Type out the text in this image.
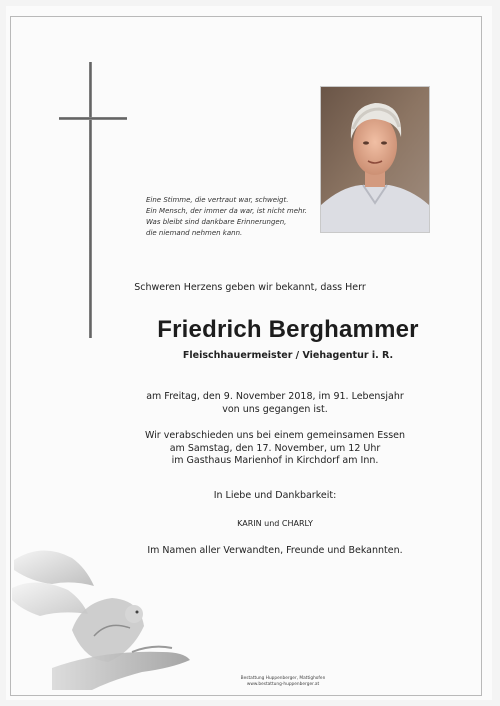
Eine Stimme, die vertraut war, schweigt.
Ein Mensch, der immer da war, ist nicht mehr.
Was bleibt sind dankbare Erinnerungen,
die niemand nehmen kann.
Schweren Herzens geben wir bekannt, dass Herr
Friedrich Berghammer
Fleischhauermeister / Viehagentur i. R.
am Freitag, den 9. November 2018, im 91. Lebensjahr
von uns gegangen ist.
Wir verabschieden uns bei einem gemeinsamen Essen
am Samstag, den 17. November, um 12 Uhr
im Gasthaus Marienhof in Kirchdorf am Inn.
In Liebe und Dankbarkeit:
KARIN und CHARLY
Im Namen aller Verwandten, Freunde und Bekannten.
Bestattung Huppenberger, Mattighofen
www.bestattung-huppenberger.at
